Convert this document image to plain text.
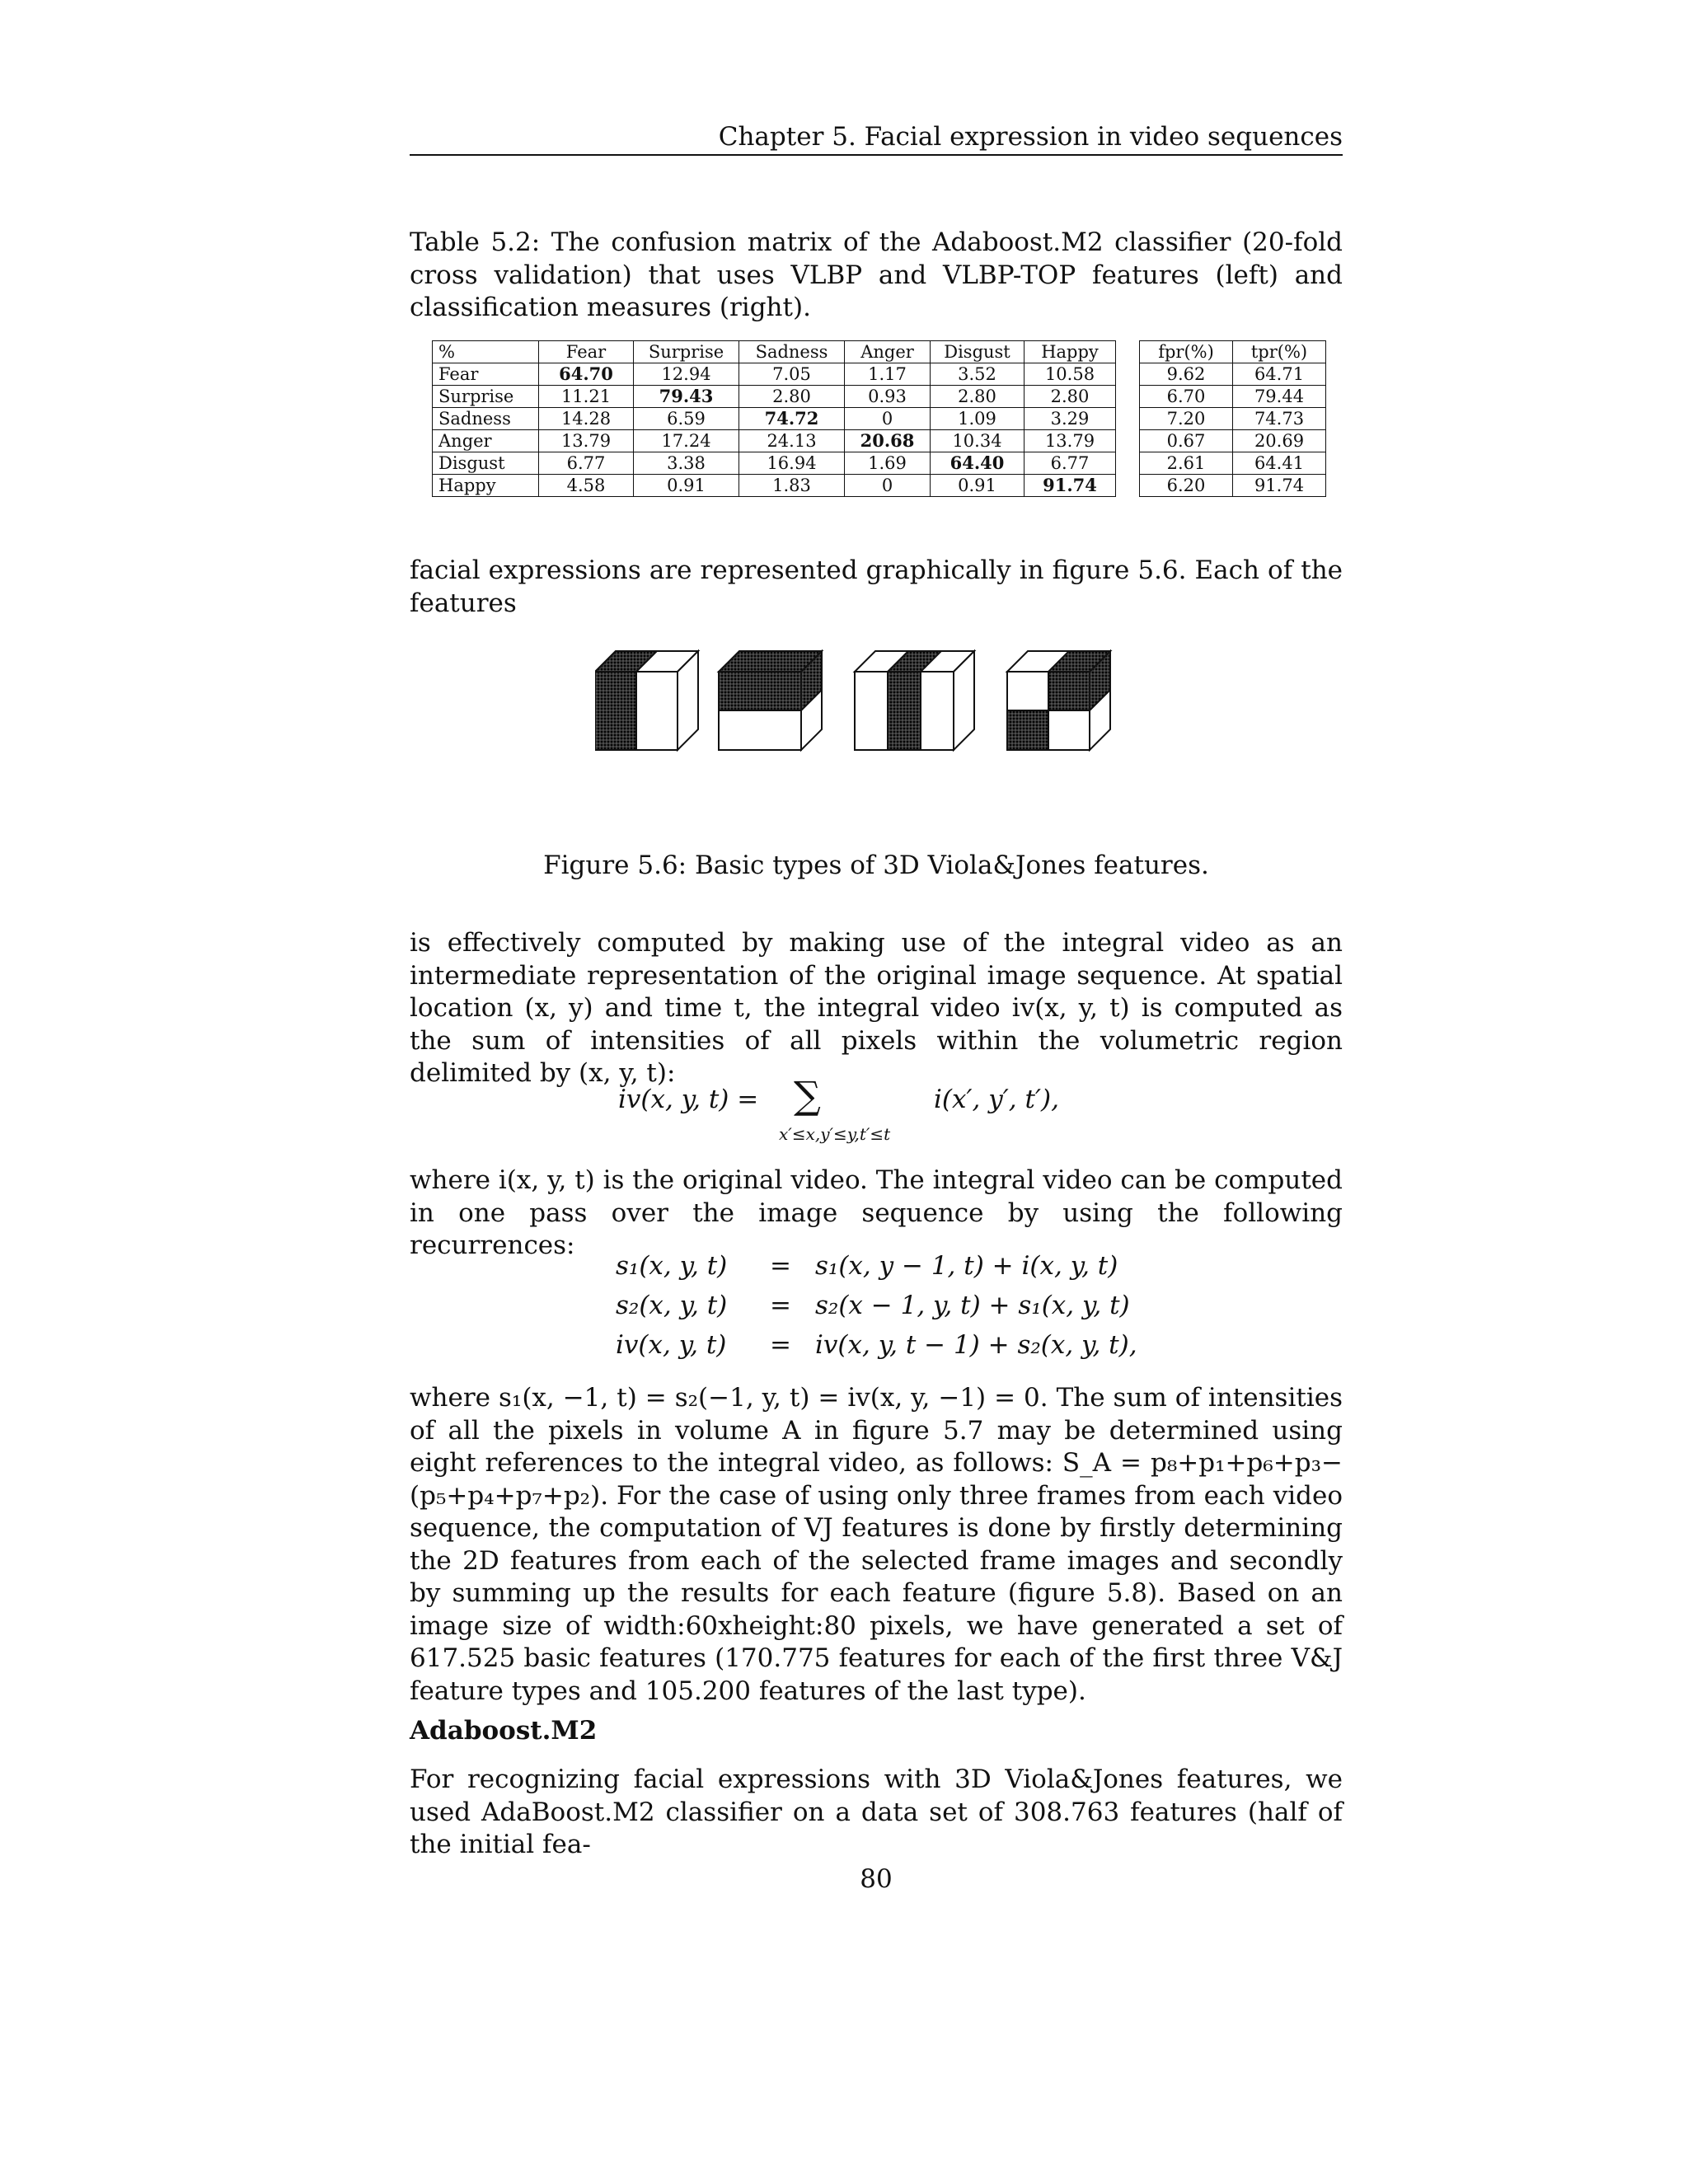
Chapter 5. Facial expression in video sequences
Table 5.2: The confusion matrix of the Adaboost.M2 classifier (20-fold cross validation) that uses VLBP and VLBP-TOP features (left) and classification measures (right).
%	Fear	Surprise	Sadness	Anger	Disgust	Happy
Fear	64.70	12.94	7.05	1.17	3.52	10.58
Surprise	11.21	79.43	2.80	0.93	2.80	2.80
Sadness	14.28	6.59	74.72	0	1.09	3.29
Anger	13.79	17.24	24.13	20.68	10.34	13.79
Disgust	6.77	3.38	16.94	1.69	64.40	6.77
Happy	4.58	0.91	1.83	0	0.91	91.74
fpr(%)	tpr(%)
9.62	64.71
6.70	79.44
7.20	74.73
0.67	20.69
2.61	64.41
6.20	91.74
facial expressions are represented graphically in figure 5.6. Each of the features
Figure 5.6: Basic types of 3D Viola&Jones features.
is effectively computed by making use of the integral video as an intermediate representation of the original image sequence. At spatial location (x, y) and time t, the integral video iv(x, y, t) is computed as the sum of intensities of all pixels within the volumetric region delimited by (x, y, t):
iv(x, y, t) = ∑
x′≤x,y′≤y,t′≤t
i(x′, y′, t′),
where i(x, y, t) is the original video. The integral video can be computed in one pass over the image sequence by using the following recurrences:
s₁(x, y, t) = s₁(x, y − 1, t) + i(x, y, t)
s₂(x, y, t) = s₂(x − 1, y, t) + s₁(x, y, t)
iv(x, y, t) = iv(x, y, t − 1) + s₂(x, y, t),
where s₁(x, −1, t) = s₂(−1, y, t) = iv(x, y, −1) = 0. The sum of intensities of all the pixels in volume A in figure 5.7 may be determined using eight references to the integral video, as follows: S_A = p₈+p₁+p₆+p₃−(p₅+p₄+p₇+p₂). For the case of using only three frames from each video sequence, the computation of VJ features is done by firstly determining the 2D features from each of the selected frame images and secondly by summing up the results for each feature (figure 5.8). Based on an image size of width:60xheight:80 pixels, we have generated a set of 617.525 basic features (170.775 features for each of the first three V&J feature types and 105.200 features of the last type).
Adaboost.M2
For recognizing facial expressions with 3D Viola&Jones features, we used AdaBoost.M2 classifier on a data set of 308.763 features (half of the initial fea-
80
